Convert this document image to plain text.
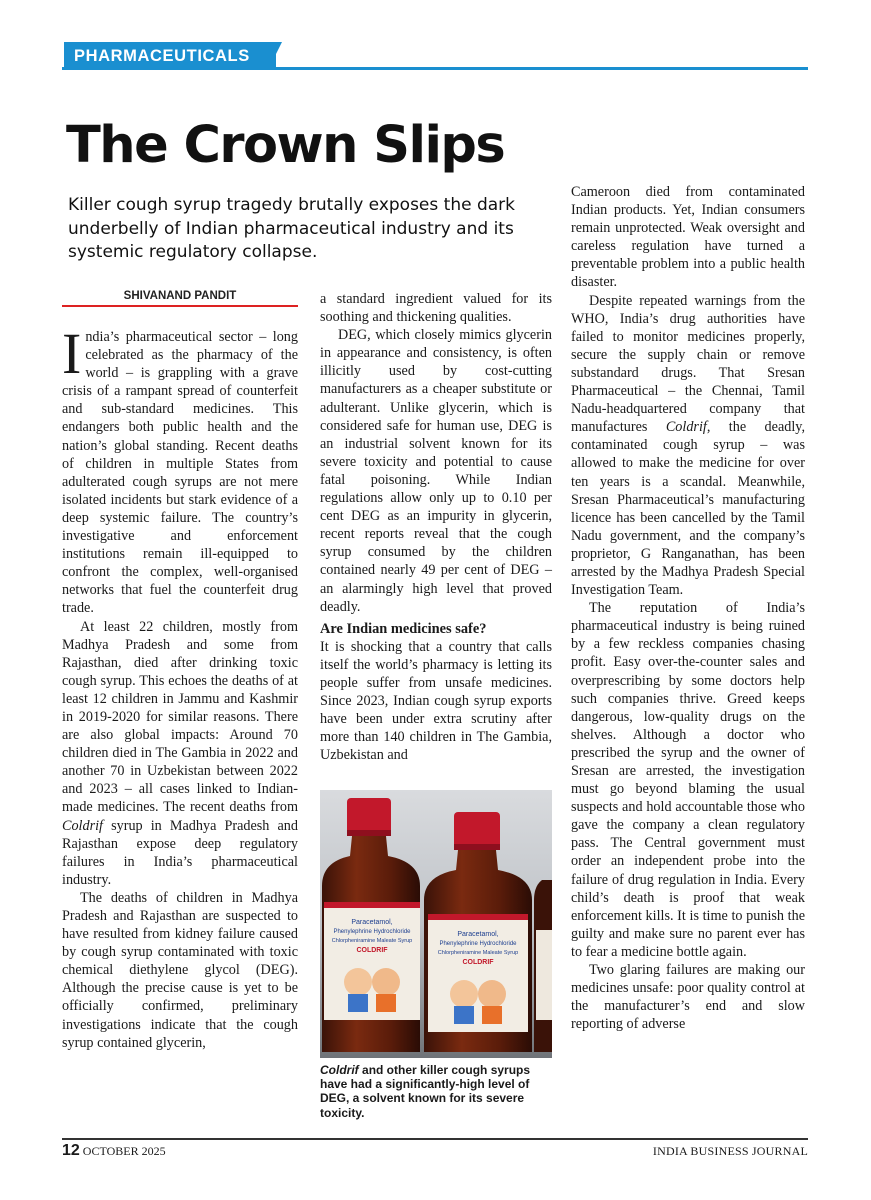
PHARMACEUTICALS
The Crown Slips

Killer cough syrup tragedy brutally exposes the dark underbelly of Indian pharmaceutical industry and its systemic regulatory collapse.

SHIVANAND PANDIT

India’s pharmaceutical sector – long celebrated as the pharmacy of the world – is grappling with a grave crisis of a rampant spread of counterfeit and sub-standard medicines. This endangers both public health and the nation’s global standing. Recent deaths of children in multiple States from adulterated cough syrups are not mere isolated incidents but stark evidence of a deep systemic failure. The country’s investigative and enforcement institutions remain ill-equipped to confront the complex, well-organised networks that fuel the counterfeit drug trade.

At least 22 children, mostly from Madhya Pradesh and some from Rajasthan, died after drinking toxic cough syrup. This echoes the deaths of at least 12 children in Jammu and Kashmir in 2019-2020 for similar reasons. There are also global impacts: Around 70 children died in The Gambia in 2022 and another 70 in Uzbekistan between 2022 and 2023 – all cases linked to Indian-made medicines. The recent deaths from Coldrif syrup in Madhya Pradesh and Rajasthan expose deep regulatory failures in India’s pharmaceutical industry.

The deaths of children in Madhya Pradesh and Rajasthan are suspected to have resulted from kidney failure caused by cough syrup contaminated with toxic chemical diethylene glycol (DEG). Although the precise cause is yet to be officially confirmed, preliminary investigations indicate that the cough syrup contained glycerin,

a standard ingredient valued for its soothing and thickening qualities.

DEG, which closely mimics glycerin in appearance and consistency, is often illicitly used by cost-cutting manufacturers as a cheaper substitute or adulterant. Unlike glycerin, which is considered safe for human use, DEG is an industrial solvent known for its severe toxicity and potential to cause fatal poisoning. While Indian regulations allow only up to 0.10 per cent DEG as an impurity in glycerin, recent reports reveal that the cough syrup consumed by the children contained nearly 49 per cent of DEG – an alarmingly high level that proved deadly.

Are Indian medicines safe?

It is shocking that a country that calls itself the world’s pharmacy is letting its people suffer from unsafe medicines. Since 2023, Indian cough syrup exports have been under extra scrutiny after more than 140 children in The Gambia, Uzbekistan and

Paracetamol,
Phenylephrine Hydrochloride
Chlorpheniramine Maleate Syrup
COLDRIF
Paracetamol,
Phenylephrine Hydrochloride
Chlorpheniramine Maleate Syrup
COLDRIF
Coldrif and other killer cough syrups have had a significantly-high level of DEG, a solvent known for its severe toxicity.

Cameroon died from contaminated Indian products. Yet, Indian consumers remain unprotected. Weak oversight and careless regulation have turned a preventable problem into a public health disaster.

Despite repeated warnings from the WHO, India’s drug authorities have failed to monitor medicines properly, secure the supply chain or remove substandard drugs. That Sresan Pharmaceutical – the Chennai, Tamil Nadu-headquartered company that manufactures Coldrif, the deadly, contaminated cough syrup – was allowed to make the medicine for over ten years is a scandal. Meanwhile, Sresan Pharmaceutical’s manufacturing licence has been cancelled by the Tamil Nadu government, and the company’s proprietor, G Ranganathan, has been arrested by the Madhya Pradesh Special Investigation Team.

The reputation of India’s pharmaceutical industry is being ruined by a few reckless companies chasing profit. Easy over-the-counter sales and overprescribing by some doctors help such companies thrive. Greed keeps dangerous, low-quality drugs on the shelves. Although a doctor who prescribed the syrup and the owner of Sresan are arrested, the investigation must go beyond blaming the usual suspects and hold accountable those who gave the company a clean regulatory pass. The Central government must order an independent probe into the failure of drug regulation in India. Every child’s death is proof that weak enforcement kills. It is time to punish the guilty and make sure no parent ever has to fear a medicine bottle again.

Two glaring failures are making our medicines unsafe: poor quality control at the manufacturer’s end and slow reporting of adverse

12 OCTOBER 2025	INDIA BUSINESS JOURNAL
